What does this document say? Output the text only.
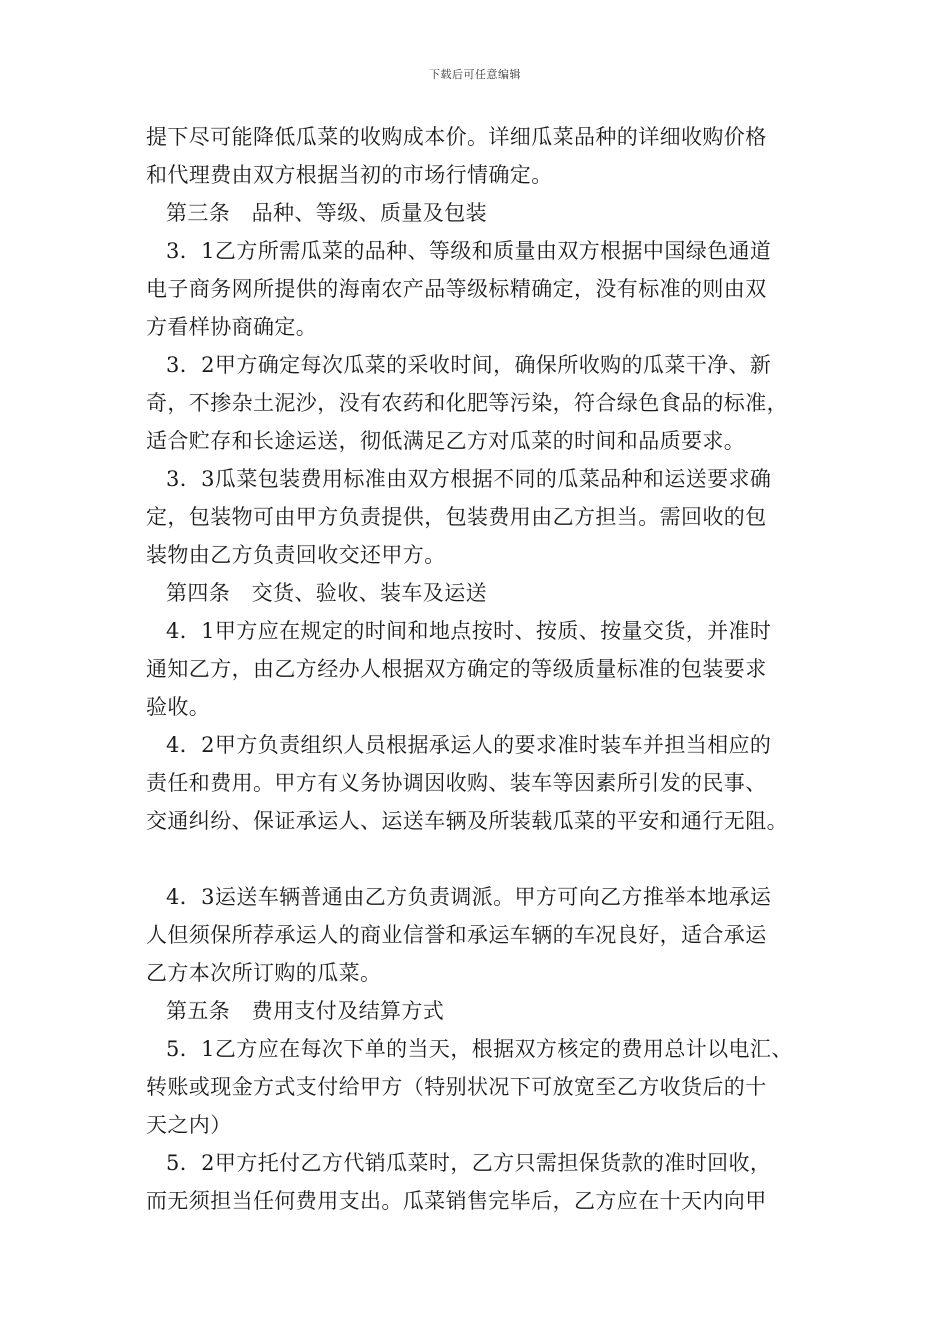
下载后可任意编辑
提下尽可能降低瓜菜的收购成本价。详细瓜菜品种的详细收购价格
和代理费由双方根据当初的市场行情确定。
第三条　品种、等级、质量及包装
3．1乙方所需瓜菜的品种、等级和质量由双方根据中国绿色通道
电子商务网所提供的海南农产品等级标精确定，没有标准的则由双
方看样协商确定。
3．2甲方确定每次瓜菜的采收时间，确保所收购的瓜菜干净、新
奇，不掺杂土泥沙，没有农药和化肥等污染，符合绿色食品的标准，
适合贮存和长途运送，彻低满足乙方对瓜菜的时间和品质要求。
3．3瓜菜包装费用标准由双方根据不同的瓜菜品种和运送要求确
定，包装物可由甲方负责提供，包装费用由乙方担当。需回收的包
装物由乙方负责回收交还甲方。
第四条　交货、验收、装车及运送
4．1甲方应在规定的时间和地点按时、按质、按量交货，并准时
通知乙方，由乙方经办人根据双方确定的等级质量标准的包装要求
验收。
4．2甲方负责组织人员根据承运人的要求准时装车并担当相应的
责任和费用。甲方有义务协调因收购、装车等因素所引发的民事、
交通纠纷、保证承运人、运送车辆及所装载瓜菜的平安和通行无阻。
4．3运送车辆普通由乙方负责调派。甲方可向乙方推举本地承运
人但须保所荐承运人的商业信誉和承运车辆的车况良好，适合承运
乙方本次所订购的瓜菜。
第五条　费用支付及结算方式
5．1乙方应在每次下单的当天，根据双方核定的费用总计以电汇、
转账或现金方式支付给甲方（特别状况下可放宽至乙方收货后的十
天之内）
5．2甲方托付乙方代销瓜菜时，乙方只需担保货款的准时回收，
而无须担当任何费用支出。瓜菜销售完毕后，乙方应在十天内向甲
